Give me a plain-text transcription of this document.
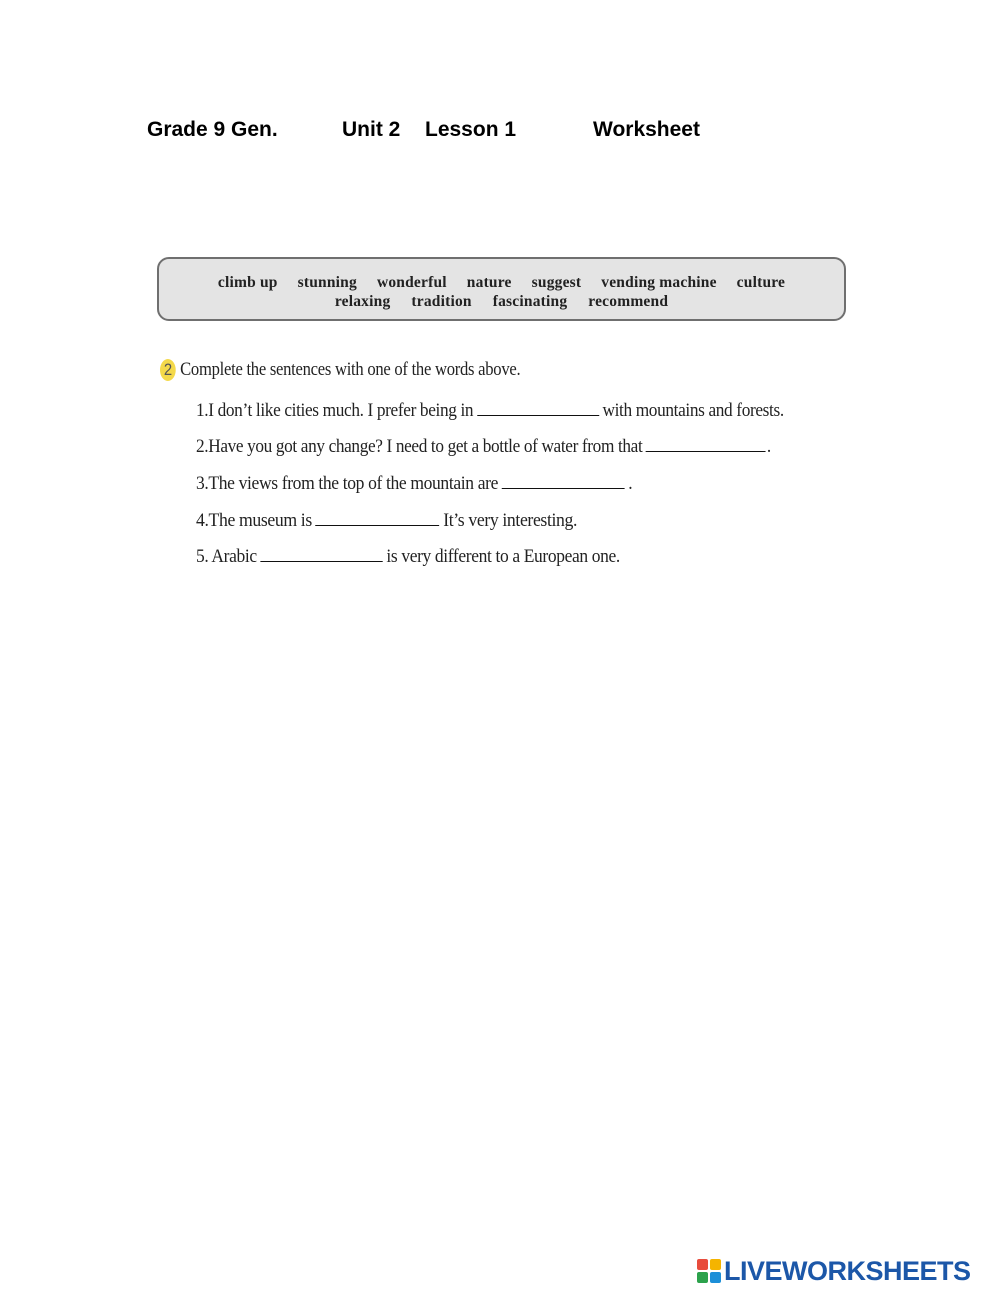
Grade 9 Gen.	Unit 2 Lesson 1	Worksheet
climb up stunning wonderful nature suggest vending machine culture
relaxing tradition fascinating recommend
2 Complete the sentences with one of the words above.
1.I don’t like cities much. I prefer being in	with mountains and forests.
2.Have you got any change? I need to get a bottle of water from that	.
3.The views from the top of the mountain are	.
4.The museum is	It’s very interesting.
5. Arabic	is very different to a European one.
LIVEWORKSHEETS
